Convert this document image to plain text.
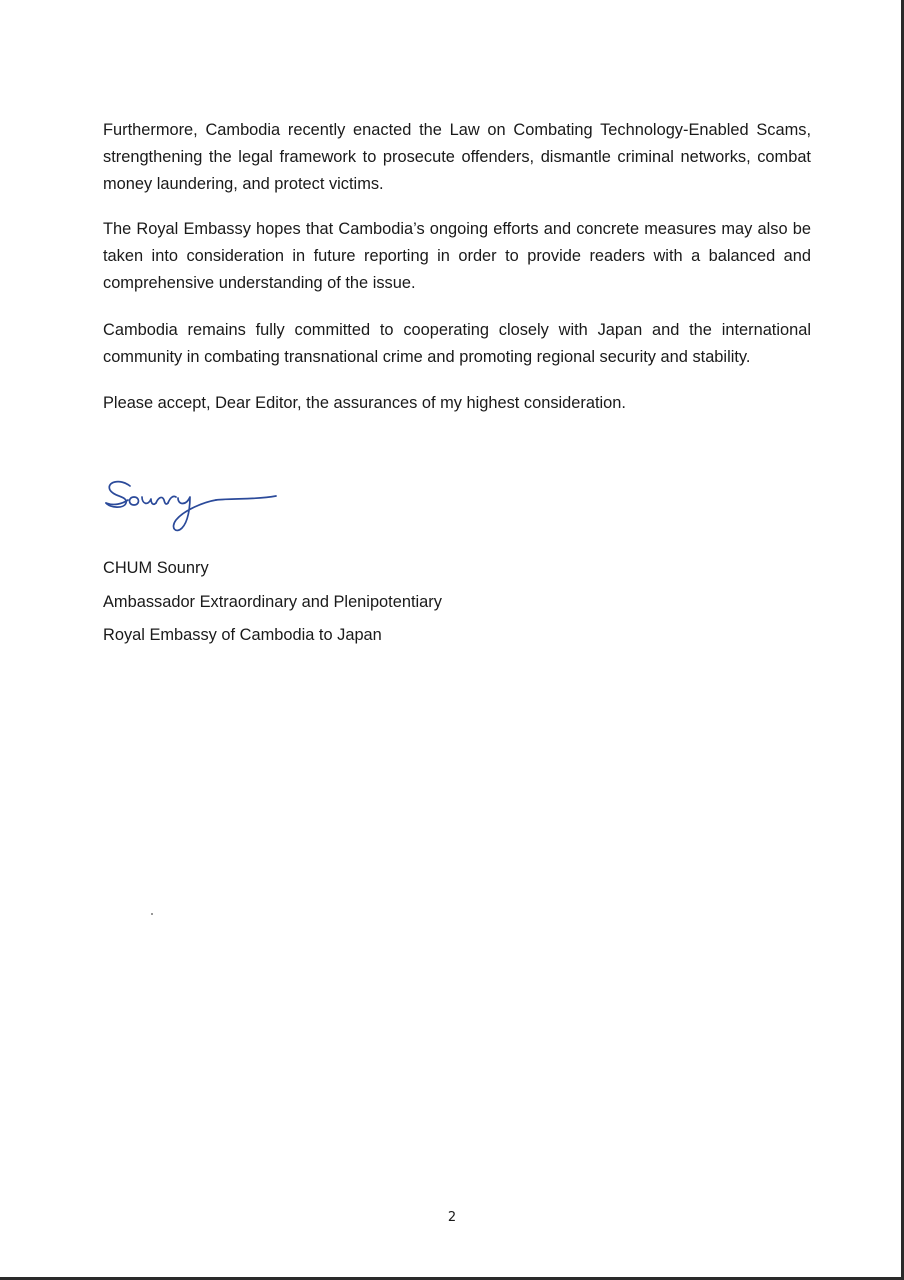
Furthermore, Cambodia recently enacted the Law on Combating Technology-Enabled Scams, strengthening the legal framework to prosecute offenders, dismantle criminal networks, combat money laundering, and protect victims.

The Royal Embassy hopes that Cambodia’s ongoing efforts and concrete measures may also be taken into consideration in future reporting in order to provide readers with a balanced and comprehensive understanding of the issue.

Cambodia remains fully committed to cooperating closely with Japan and the international community in combating transnational crime and promoting regional security and stability.

Please accept, Dear Editor, the assurances of my highest consideration.

CHUM Sounry

Ambassador Extraordinary and Plenipotentiary

Royal Embassy of Cambodia to Japan

2
